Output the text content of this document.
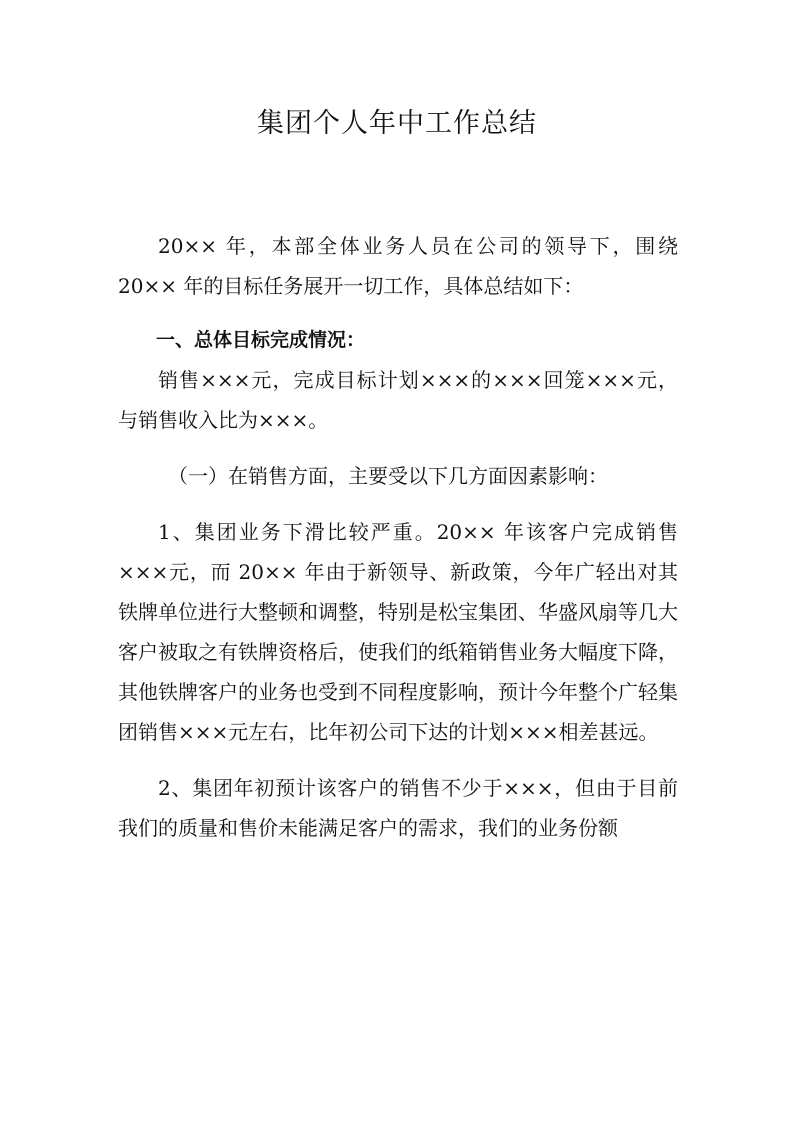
集团个人年中工作总结

20×× 年，本部全体业务人员在公司的领导下，围绕 20×× 年的目标任务展开一切工作，具体总结如下：

一、总体目标完成情况：

销售×××元，完成目标计划×××的×××回笼×××元，与销售收入比为×××。

（一）在销售方面，主要受以下几方面因素影响：

1、集团业务下滑比较严重。20×× 年该客户完成销售×××元，而 20×× 年由于新领导、新政策，今年广轻出对其铁牌单位进行大整顿和调整，特别是松宝集团、华盛风扇等几大客户被取之有铁牌资格后，使我们的纸箱销售业务大幅度下降，其他铁牌客户的业务也受到不同程度影响，预计今年整个广轻集团销售×××元左右，比年初公司下达的计划×××相差甚远。

2、集团年初预计该客户的销售不少于×××，但由于目前我们的质量和售价未能满足客户的需求，我们的业务份额
